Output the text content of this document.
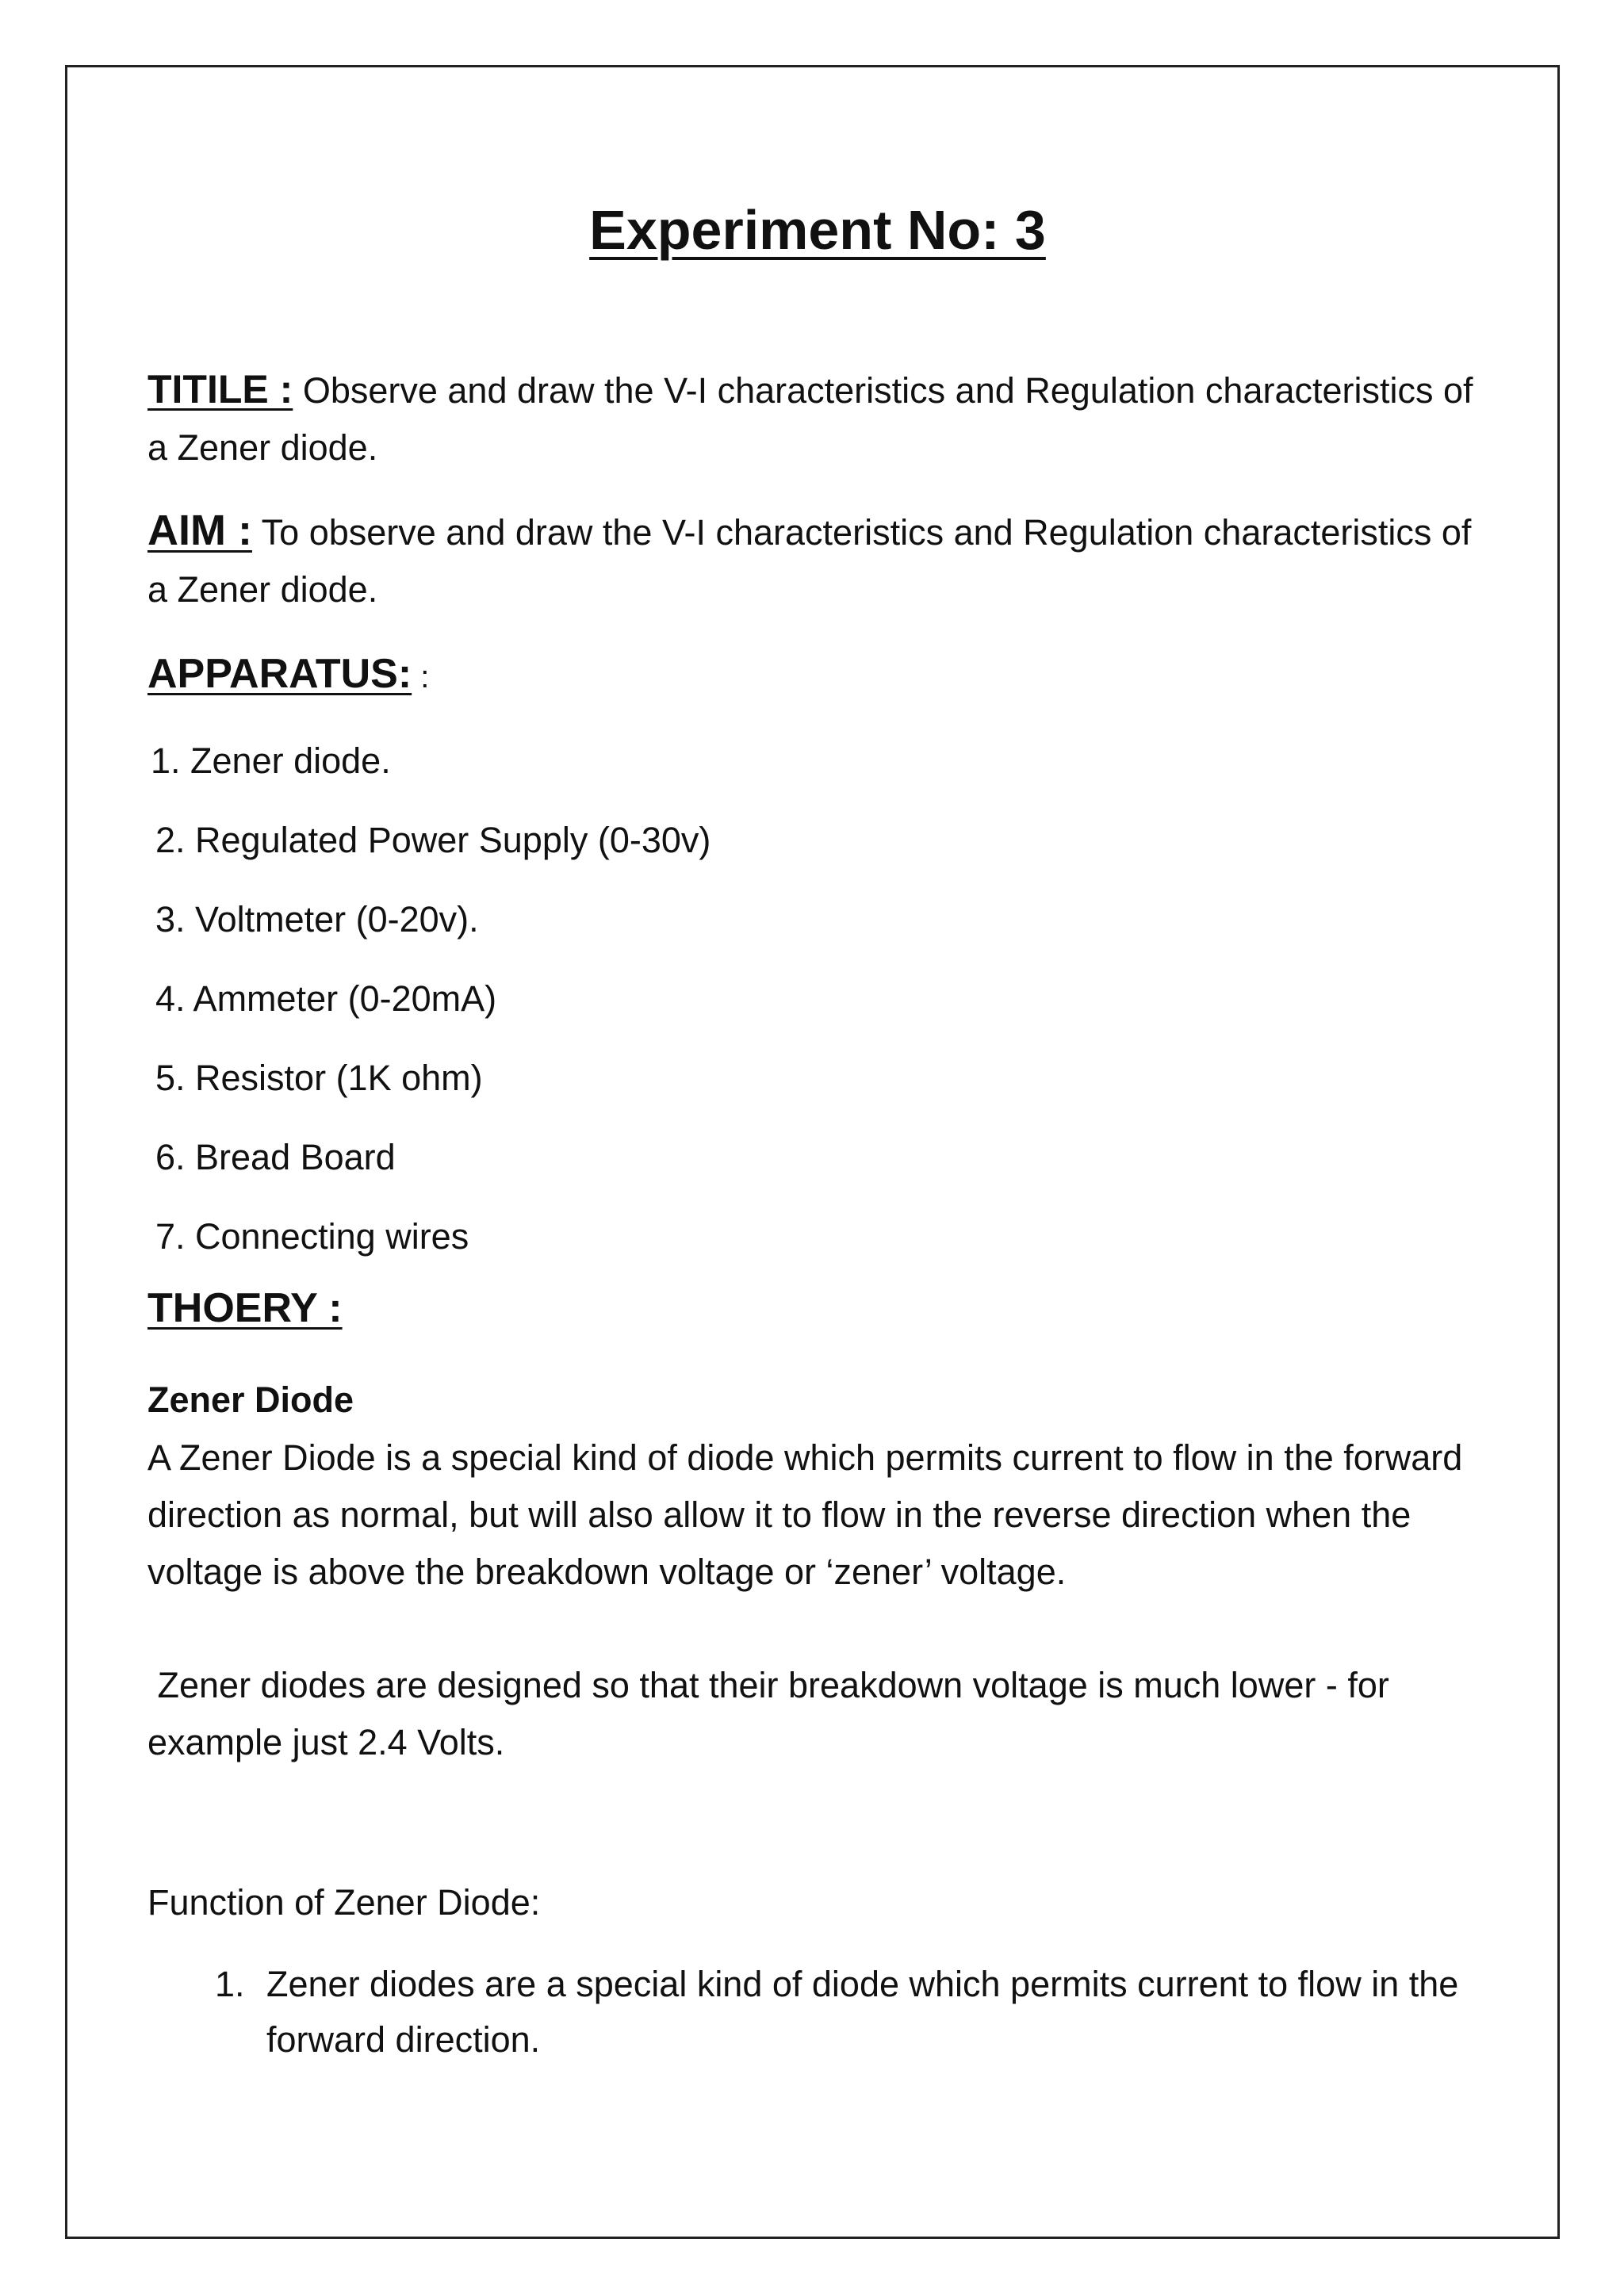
Experiment No: 3
TITILE : Observe and draw the V-I characteristics and Regulation characteristics of a Zener diode.
AIM : To observe and draw the V-I characteristics and Regulation characteristics of a Zener diode.
APPARATUS: :
1. Zener diode.
2. Regulated Power Supply (0-30v)
3. Voltmeter (0-20v).
4. Ammeter (0-20mA)
5. Resistor (1K ohm)
6. Bread Board
7. Connecting wires
THOERY :
Zener Diode
A Zener Diode is a special kind of diode which permits current to flow in the forward direction as normal, but will also allow it to flow in the reverse direction when the voltage is above the breakdown voltage or ‘zener’ voltage.
Zener diodes are designed so that their breakdown voltage is much lower - for example just 2.4 Volts.
Function of Zener Diode:
1. Zener diodes are a special kind of diode which permits current to flow in the forward direction.
